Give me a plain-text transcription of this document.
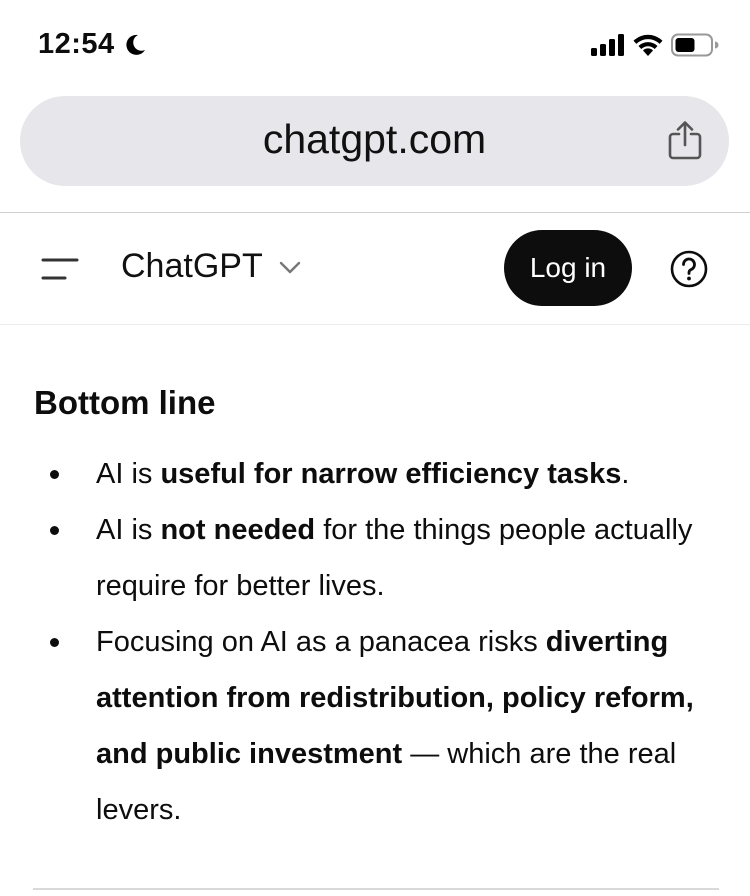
12:54
chatgpt.com
ChatGPT	Log in
Bottom line
AI is useful for narrow efficiency tasks.
AI is not needed for the things people actually require for better lives.
Focusing on AI as a panacea risks diverting attention from redistribution, policy reform, and public investment — which are the real levers.
